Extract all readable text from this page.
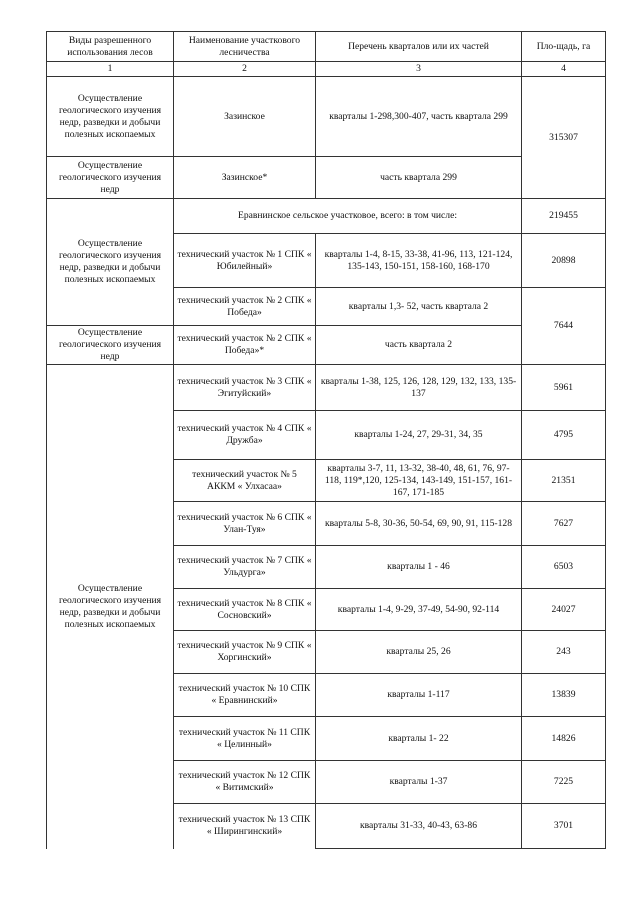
Виды разрешенного использования лесов	Наименование участкового лесничества	Перечень кварталов или их частей	Пло-щадь, га
1	2	3	4
Осуществление геологического изучения недр, разведки и добычи полезных ископаемых	Зазинское	кварталы 1-298,300-407, часть квартала 299	315307
Осуществление геологического изучения недр	Зазинское*	часть квартала 299	
Осуществление геологического изучения недр, разведки и добычи полезных ископаемых	Еравнинское сельское участковое, всего: в том числе:		219455
	технический участок № 1 СПК « Юбилейный»	кварталы 1-4, 8-15, 33-38, 41-96, 113, 121-124, 135-143, 150-151, 158-160, 168-170	20898
	технический участок № 2 СПК « Победа»	кварталы 1,3- 52, часть квартала 2	7644
Осуществление геологического изучения недр	технический участок № 2 СПК « Победа»*	часть квартала 2	
Осуществление геологического изучения недр, разведки и добычи полезных ископаемых	технический участок № 3 СПК « Эгитуйский»	кварталы 1-38, 125, 126, 128, 129, 132, 133, 135-137	5961
	технический участок № 4 СПК « Дружба»	кварталы 1-24, 27, 29-31, 34, 35	4795
	технический участок № 5 АККМ « Улхасаа»	кварталы 3-7, 11, 13-32, 38-40, 48, 61, 76, 97- 118, 119*,120, 125-134, 143-149, 151-157, 161-167, 171-185	21351
	технический участок № 6 СПК « Улан-Туя»	кварталы 5-8, 30-36, 50-54, 69, 90, 91, 115-128	7627
	технический участок № 7 СПК « Ульдурга»	кварталы 1 - 46	6503
	технический участок № 8 СПК « Сосновский»	кварталы 1-4, 9-29, 37-49, 54-90, 92-114	24027
	технический участок № 9 СПК « Хоргинский»	кварталы 25, 26	243
	технический участок № 10 СПК « Еравнинский»	кварталы 1-117	13839
	технический участок № 11 СПК « Целинный»	кварталы 1- 22	14826
	технический участок № 12 СПК « Витимский»	кварталы 1-37	7225
	технический участок № 13 СПК « Ширингинский»	кварталы 31-33, 40-43, 63-86	3701
